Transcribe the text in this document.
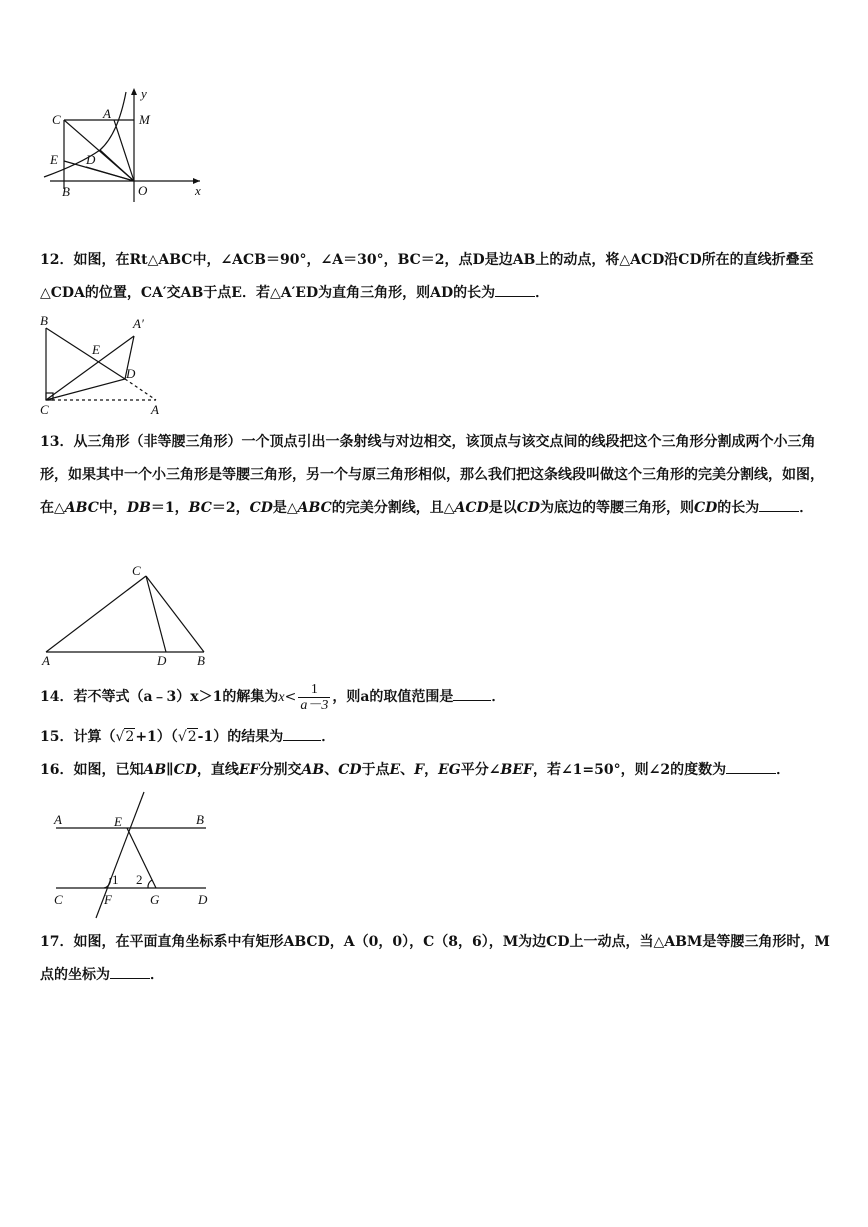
y
C	A M
E D
B	O	x

12．如图，在Rt△ABC中，∠ACB＝90°，∠A＝30°，BC＝2，点D是边AB上的动点，将△ACD沿CD所在的直线折叠至△CDA的位置，CA′交AB于点E．若△A′ED为直角三角形，则AD的长为	．

B	A′
E
D
C	A

13．从三角形（非等腰三角形）一个顶点引出一条射线与对边相交，该顶点与该交点间的线段把这个三角形分割成两个小三角形，如果其中一个小三角形是等腰三角形，另一个与原三角形相似，那么我们把这条线段叫做这个三角形的完美分割线，如图，在△ABC中，DB＝1，BC＝2，CD是△ABC的完美分割线，且△ACD是以CD为底边的等腰三角形，则CD的长为	．

C
A	D B

14．若不等式（a﹣3）x＞1的解集为$x< \frac{1}{a-3}$ ，则a的取值范围是	．

15．计算（√2+1）（√2-1）的结果为	．

16．如图，已知AB∥CD，直线EF分别交AB、CD于点E、F，EG平分∠BEF，若∠1=50°，则∠2的度数为	．

A	E	B
1 2
C	F	G	D

17．如图，在平面直角坐标系中有矩形ABCD，A（0，0），C（8，6），M为边CD上一动点，当△ABM是等腰三角形时，M点的坐标为	．
